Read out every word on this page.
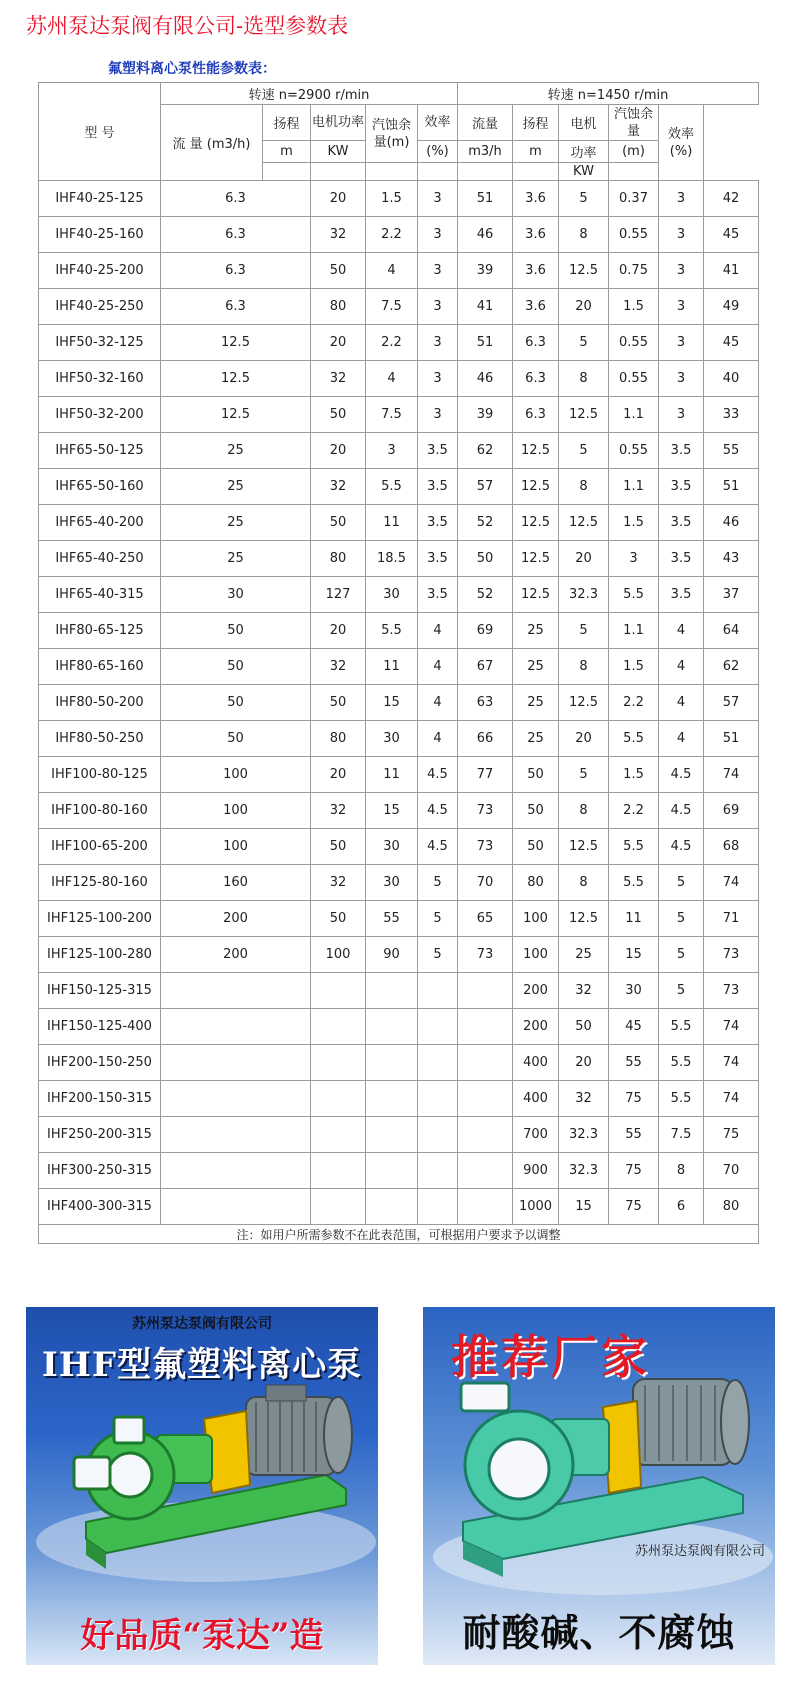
苏州泵达泵阀有限公司-选型参数表
氟塑料离心泵性能参数表：
型 号	转速 n=2900 r/min					转速 n=1450 r/min					
	流 量 (m3/h)	扬程	电机功率	汽蚀余量(m)	效率	流量	扬程	电机	汽蚀余量	效率(%)	
		m	KW		(%)	m3/h	m	功率	(m)		
								KW			
IHF40-25-125	6.3		20	1.5	3	51	3.6	5	0.37	3	42
IHF40-25-160	6.3		32	2.2	3	46	3.6	8	0.55	3	45
IHF40-25-200	6.3		50	4	3	39	3.6	12.5	0.75	3	41
IHF40-25-250	6.3		80	7.5	3	41	3.6	20	1.5	3	49
IHF50-32-125	12.5		20	2.2	3	51	6.3	5	0.55	3	45
IHF50-32-160	12.5		32	4	3	46	6.3	8	0.55	3	40
IHF50-32-200	12.5		50	7.5	3	39	6.3	12.5	1.1	3	33
IHF65-50-125	25		20	3	3.5	62	12.5	5	0.55	3.5	55
IHF65-50-160	25		32	5.5	3.5	57	12.5	8	1.1	3.5	51
IHF65-40-200	25		50	11	3.5	52	12.5	12.5	1.5	3.5	46
IHF65-40-250	25		80	18.5	3.5	50	12.5	20	3	3.5	43
IHF65-40-315	30		127	30	3.5	52	12.5	32.3	5.5	3.5	37
IHF80-65-125	50		20	5.5	4	69	25	5	1.1	4	64
IHF80-65-160	50		32	11	4	67	25	8	1.5	4	62
IHF80-50-200	50		50	15	4	63	25	12.5	2.2	4	57
IHF80-50-250	50		80	30	4	66	25	20	5.5	4	51
IHF100-80-125	100		20	11	4.5	77	50	5	1.5	4.5	74
IHF100-80-160	100		32	15	4.5	73	50	8	2.2	4.5	69
IHF100-65-200	100		50	30	4.5	73	50	12.5	5.5	4.5	68
IHF125-80-160	160		32	30	5	70	80	8	5.5	5	74
IHF125-100-200	200		50	55	5	65	100	12.5	11	5	71
IHF125-100-280	200		100	90	5	73	100	25	15	5	73
IHF150-125-315							200	32	30	5	73
IHF150-125-400							200	50	45	5.5	74
IHF200-150-250							400	20	55	5.5	74
IHF200-150-315							400	32	75	5.5	74
IHF250-200-315							700	32.3	55	7.5	75
IHF300-250-315							900	32.3	75	8	70
IHF400-300-315							1000	15	75	6	80
注：如用户所需参数不在此表范围，可根据用户要求予以调整											
苏州泵达泵阀有限公司
IHF型氟塑料离心泵
好品质“泵达”造
推荐厂家
苏州泵达泵阀有限公司
耐酸碱、不腐蚀
